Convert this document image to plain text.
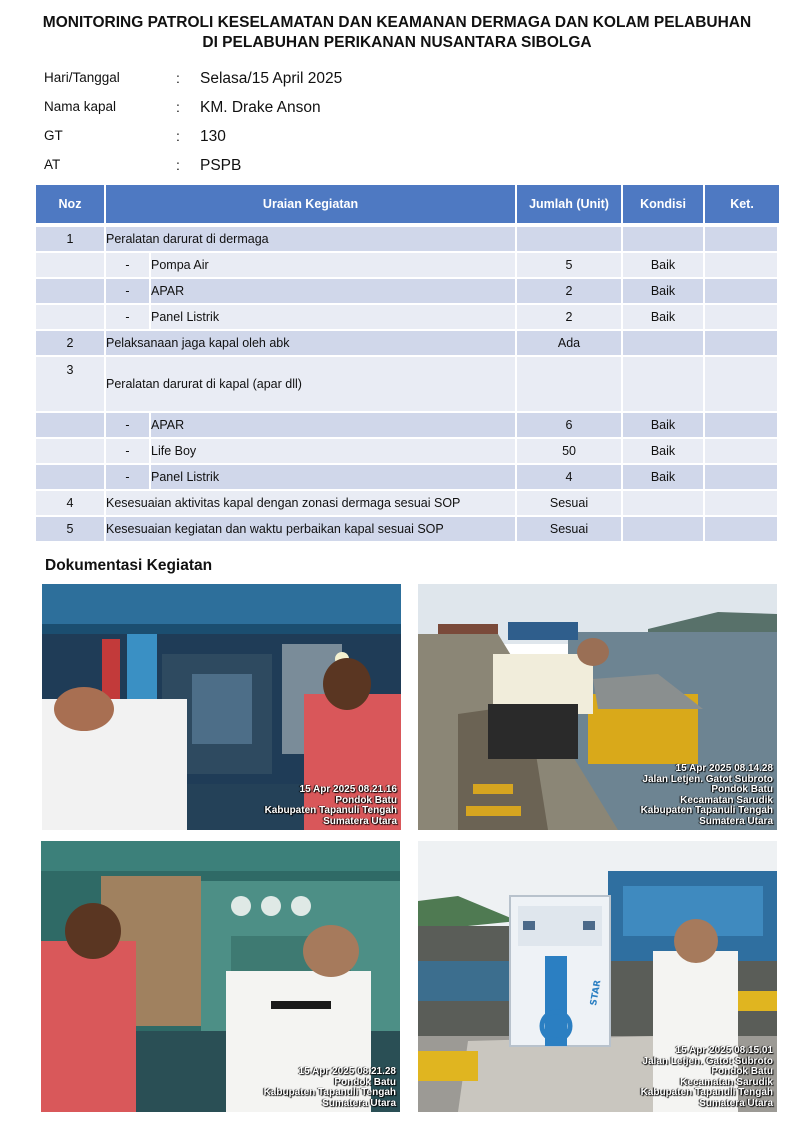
MONITORING PATROLI KESELAMATAN DAN KEAMANAN DERMAGA DAN KOLAM PELABUHAN
DI PELABUHAN PERIKANAN NUSANTARA SIBOLGA
Hari/Tanggal	: Selasa/15 April 2025
Nama kapal	: KM. Drake Anson
GT	: 130
AT	: PSPB
Noz	Uraian Kegiatan		Jumlah (Unit)	Kondisi	Ket.

1	Peralatan darurat di dermaga				
	-	Pompa Air	5	Baik	
	-	APAR	2	Baik	
	-	Panel Listrik	2	Baik	
2	Pelaksanaan jaga kapal oleh abk		Ada		
3	Peralatan darurat di kapal (apar dll)				
	-	APAR	6	Baik	
	-	Life Boy	50	Baik	
	-	Panel Listrik	4	Baik	
4	Kesesuaian aktivitas kapal dengan zonasi dermaga sesuai SOP		Sesuai		
5	Kesesuaian kegiatan dan waktu perbaikan kapal sesuai SOP		Sesuai		
Dokumentasi Kegiatan
15 Apr 2025 08.21.16
Pondok Batu
Kabupaten Tapanuli Tengah
Sumatera Utara
15 Apr 2025 08.14.28
Jalan Letjen. Gatot Subroto
Pondok Batu
Kecamatan Sarudik
Kabupaten Tapanuli Tengah
Sumatera Utara
15 Apr 2025 08.21.28
Pondok Batu
Kabupaten Tapanuli Tengah
Sumatera Utara
STAR
15 Apr 2025 08.15.01
Jalan Letjen. Gatot Subroto
Pondok Batu
Kecamatan Sarudik
Kabupaten Tapanuli Tengah
Sumatera Utara
